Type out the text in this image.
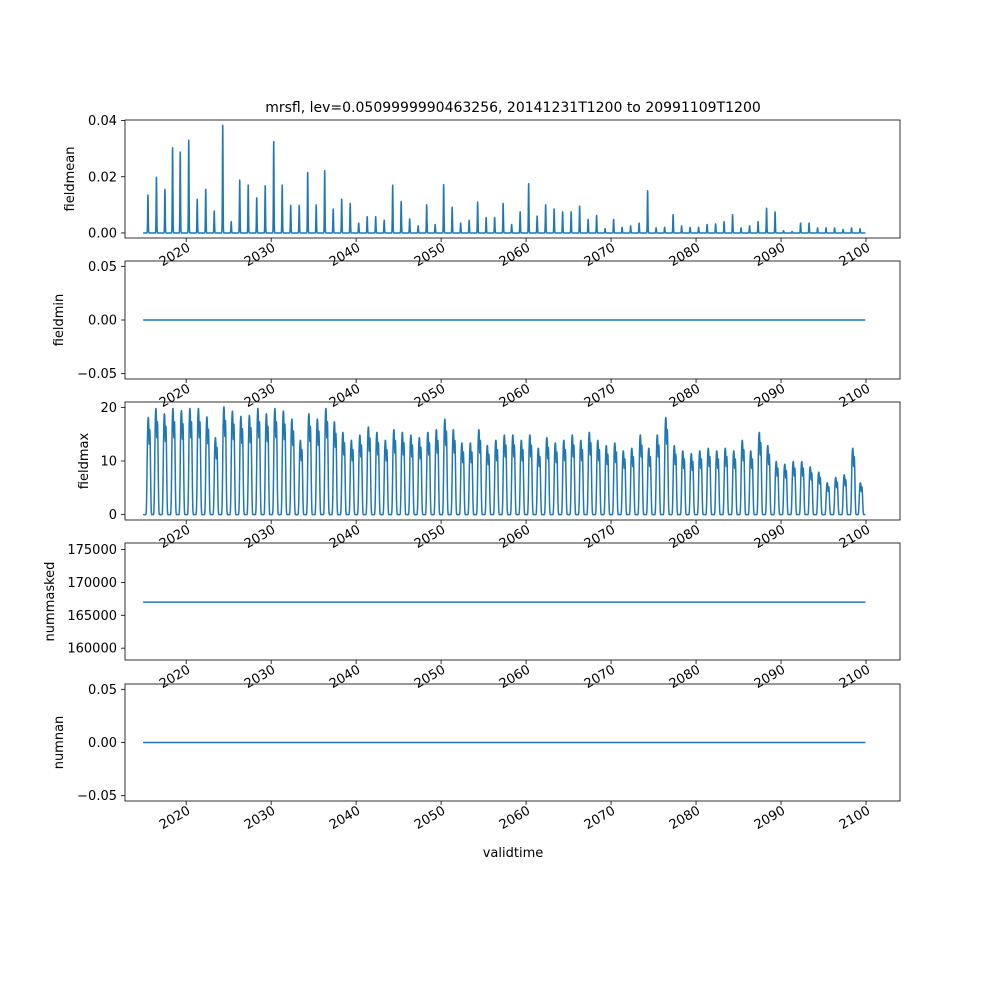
mrsfl, lev=0.0509999990463256, 20141231T1200 to 20991109T1200
validtime
0.00
0.02
0.04
fieldmean
2020	2030	2040	2050	2060	2070	2080	2090	2100
−0.05
0.00
0.05
fieldmin
2020	2030	2040	2050	2060	2070	2080	2090	2100
0
10
20
fieldmax
2020	2030	2040	2050	2060	2070	2080	2090	2100
160000
165000
170000
175000
nummasked
2020	2030	2040	2050	2060	2070	2080	2090	2100
−0.05
0.00
0.05
numnan
2020	2030	2040	2050	2060	2070	2080	2090	2100
